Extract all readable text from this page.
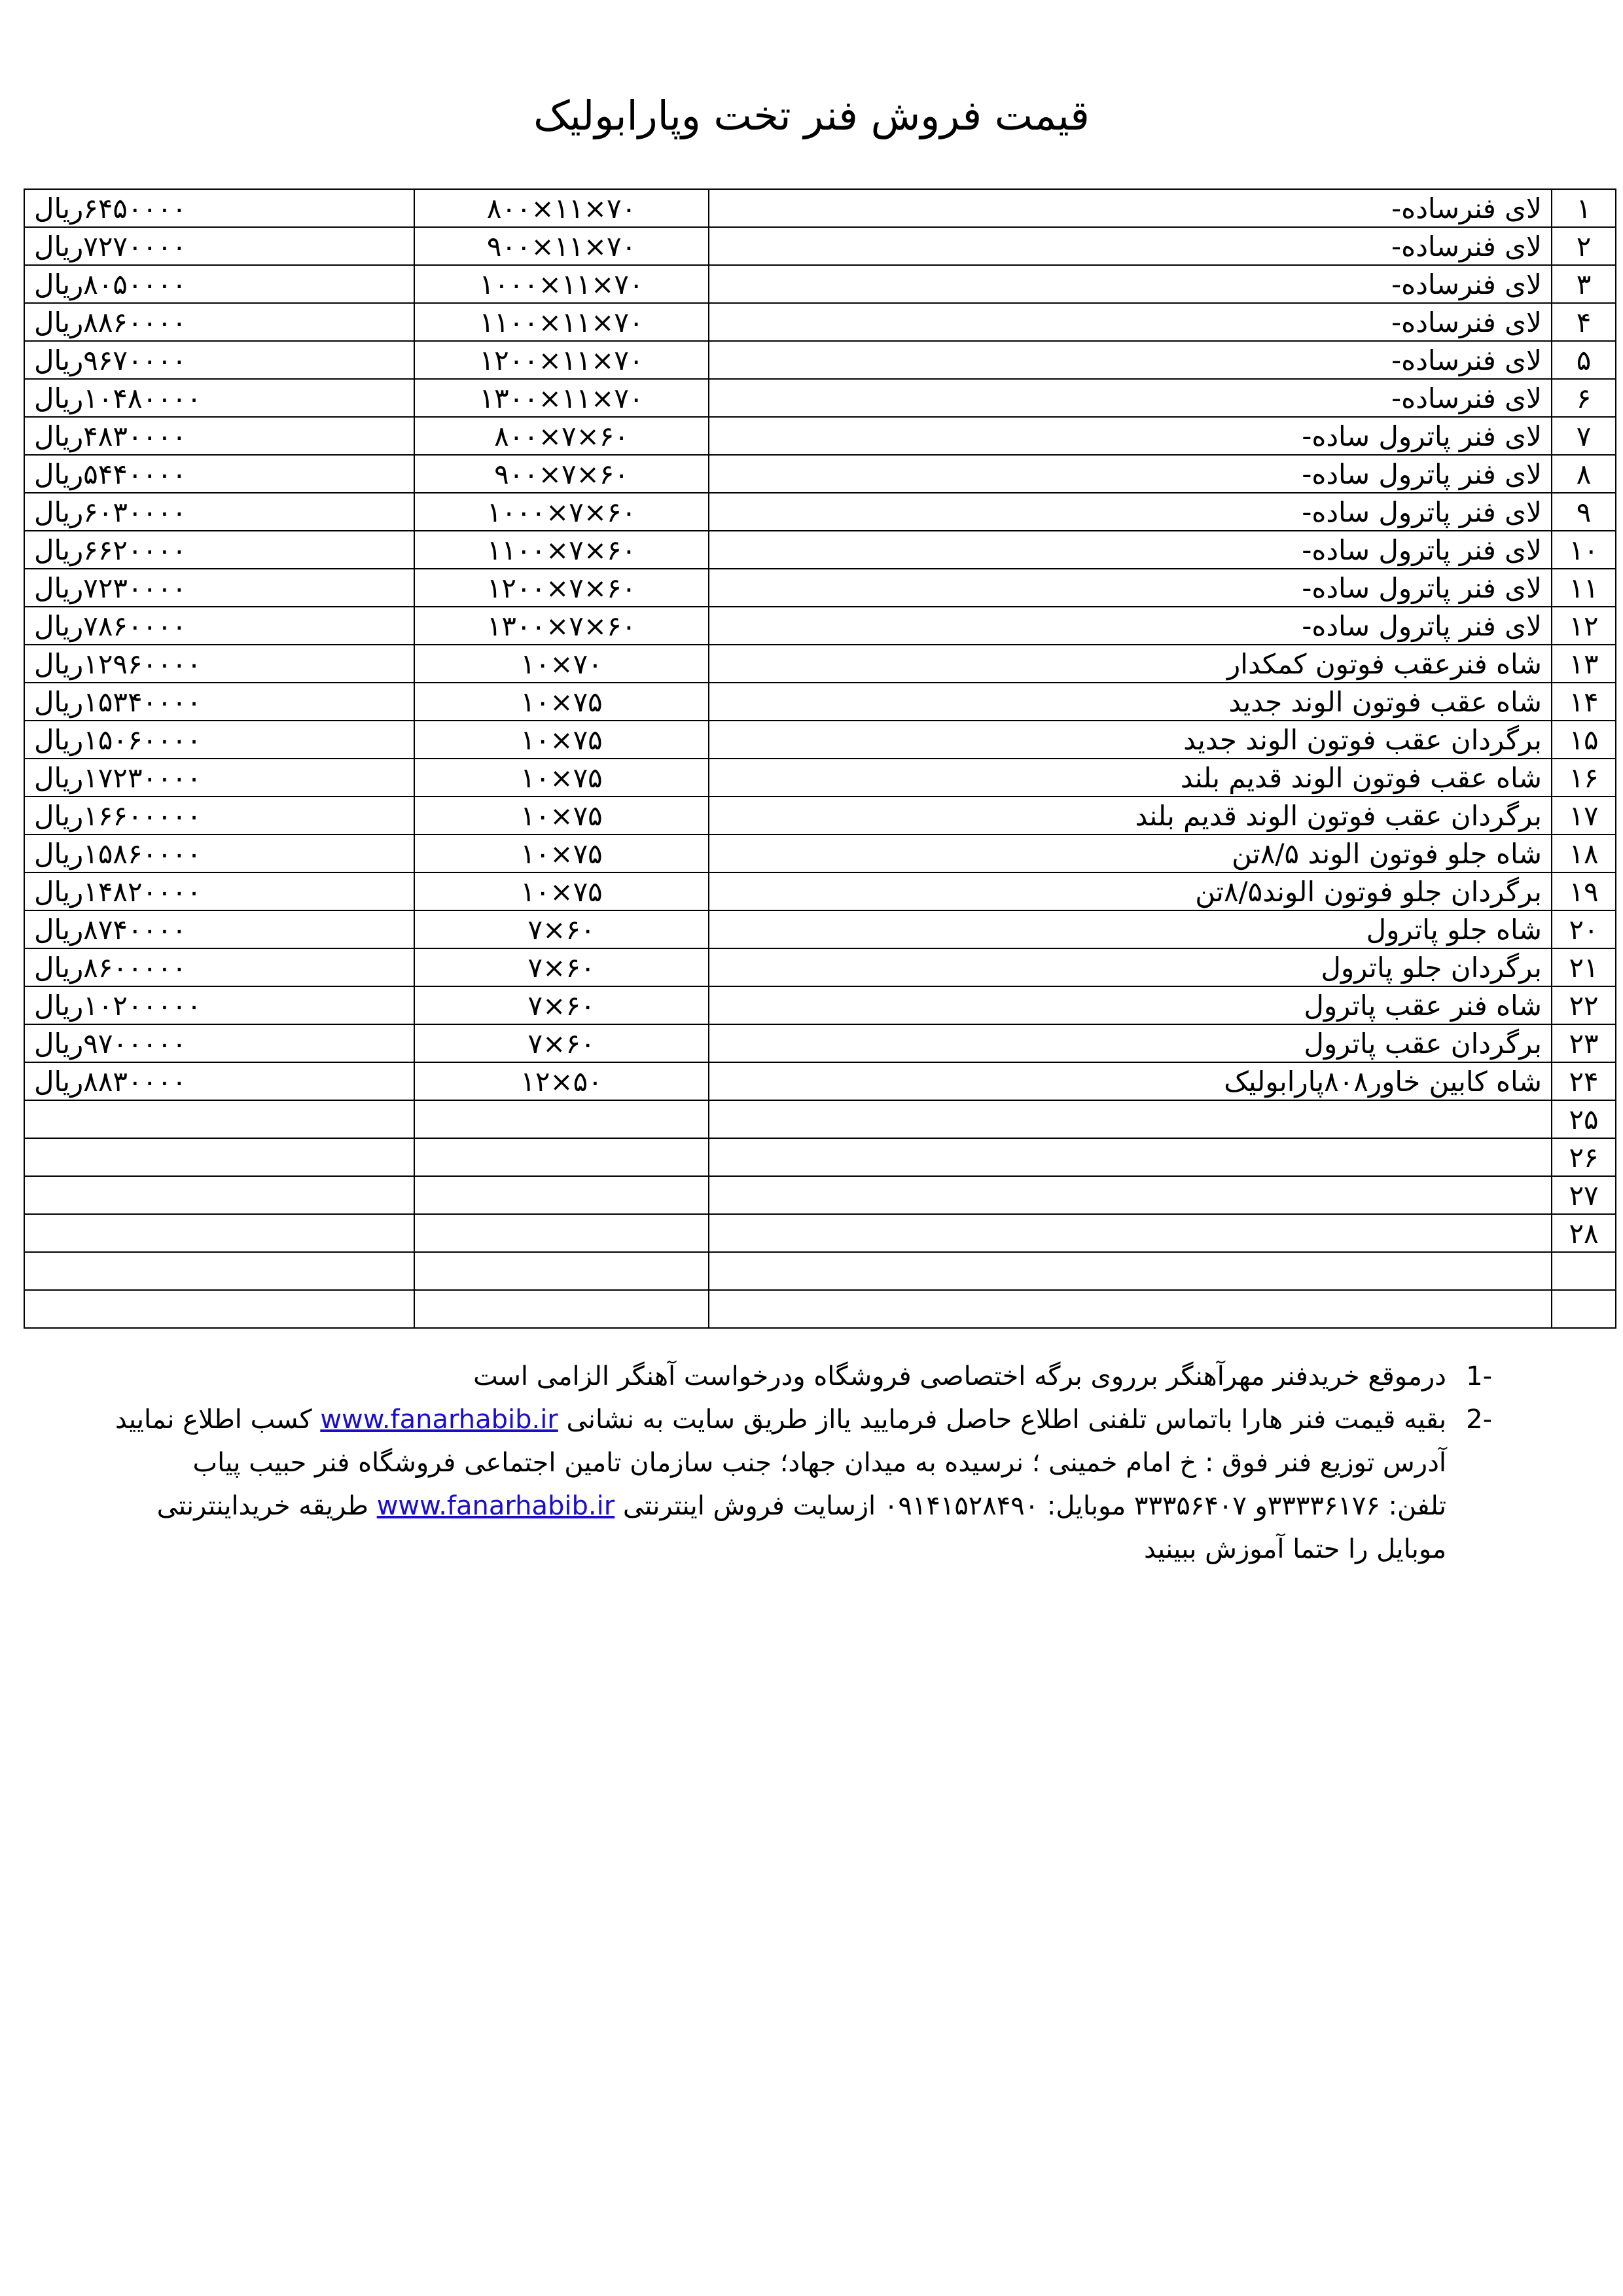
قیمت فروش فنر تخت وپارابولیک
۱	لای فنرساده-	۷۰×۱۱×۸۰۰	۶۴۵۰۰۰۰ریال
۲	لای فنرساده-	۷۰×۱۱×۹۰۰	۷۲۷۰۰۰۰ریال
۳	لای فنرساده-	۷۰×۱۱×۱۰۰۰	۸۰۵۰۰۰۰ریال
۴	لای فنرساده-	۷۰×۱۱×۱۱۰۰	۸۸۶۰۰۰۰ریال
۵	لای فنرساده-	۷۰×۱۱×۱۲۰۰	۹۶۷۰۰۰۰ریال
۶	لای فنرساده-	۷۰×۱۱×۱۳۰۰	۱۰۴۸۰۰۰۰ریال
۷	لای فنر پاترول ساده-	۶۰×۷×۸۰۰	۴۸۳۰۰۰۰ریال
۸	لای فنر پاترول ساده-	۶۰×۷×۹۰۰	۵۴۴۰۰۰۰ریال
۹	لای فنر پاترول ساده-	۶۰×۷×۱۰۰۰	۶۰۳۰۰۰۰ریال
۱۰	لای فنر پاترول ساده-	۶۰×۷×۱۱۰۰	۶۶۲۰۰۰۰ریال
۱۱	لای فنر پاترول ساده-	۶۰×۷×۱۲۰۰	۷۲۳۰۰۰۰ریال
۱۲	لای فنر پاترول ساده-	۶۰×۷×۱۳۰۰	۷۸۶۰۰۰۰ریال
۱۳	شاه فنرعقب فوتون کمکدار	۷۰×۱۰	۱۲۹۶۰۰۰۰ریال
۱۴	شاه عقب فوتون الوند جدید	۷۵×۱۰	۱۵۳۴۰۰۰۰ریال
۱۵	برگردان عقب فوتون الوند جدید	۷۵×۱۰	۱۵۰۶۰۰۰۰ریال
۱۶	شاه عقب فوتون الوند قدیم بلند	۷۵×۱۰	۱۷۲۳۰۰۰۰ریال
۱۷	برگردان عقب فوتون الوند قدیم بلند	۷۵×۱۰	۱۶۶۰۰۰۰۰ریال
۱۸	شاه جلو فوتون الوند ۸/۵تن	۷۵×۱۰	۱۵۸۶۰۰۰۰ریال
۱۹	برگردان جلو فوتون الوند۸/۵تن	۷۵×۱۰	۱۴۸۲۰۰۰۰ریال
۲۰	شاه جلو پاترول	۶۰×۷	۸۷۴۰۰۰۰ریال
۲۱	برگردان جلو پاترول	۶۰×۷	۸۶۰۰۰۰۰ریال
۲۲	شاه فنر عقب پاترول	۶۰×۷	۱۰۲۰۰۰۰۰ریال
۲۳	برگردان عقب پاترول	۶۰×۷	۹۷۰۰۰۰۰ریال
۲۴	شاه کابین خاور۸۰۸پارابولیک	۵۰×۱۲	۸۸۳۰۰۰۰ریال
۲۵			
۲۶			
۲۷			
۲۸			

-1درموقع خریدفنر مهرآهنگر برروی برگه اختصاصی فروشگاه ودرخواست آهنگر الزامی است
-2بقیه قیمت فنر هارا باتماس تلفنی اطلاع حاصل فرمایید یااز طریق سایت به نشانی www.fanarhabib.ir کسب اطلاع نمایید
آدرس توزیع فنر فوق : خ امام خمینی ؛ نرسیده به میدان جهاد؛ جنب سازمان تامین اجتماعی فروشگاه فنر حبیب پیاب
تلفن: ۳۳۳۳۶۱۷۶و ۳۳۳۵۶۴۰۷ موبایل: ۰۹۱۴۱۵۲۸۴۹۰ ازسایت فروش اینترنتی www.fanarhabib.ir طریقه خریداینترنتی
موبایل را حتما آموزش ببینید
